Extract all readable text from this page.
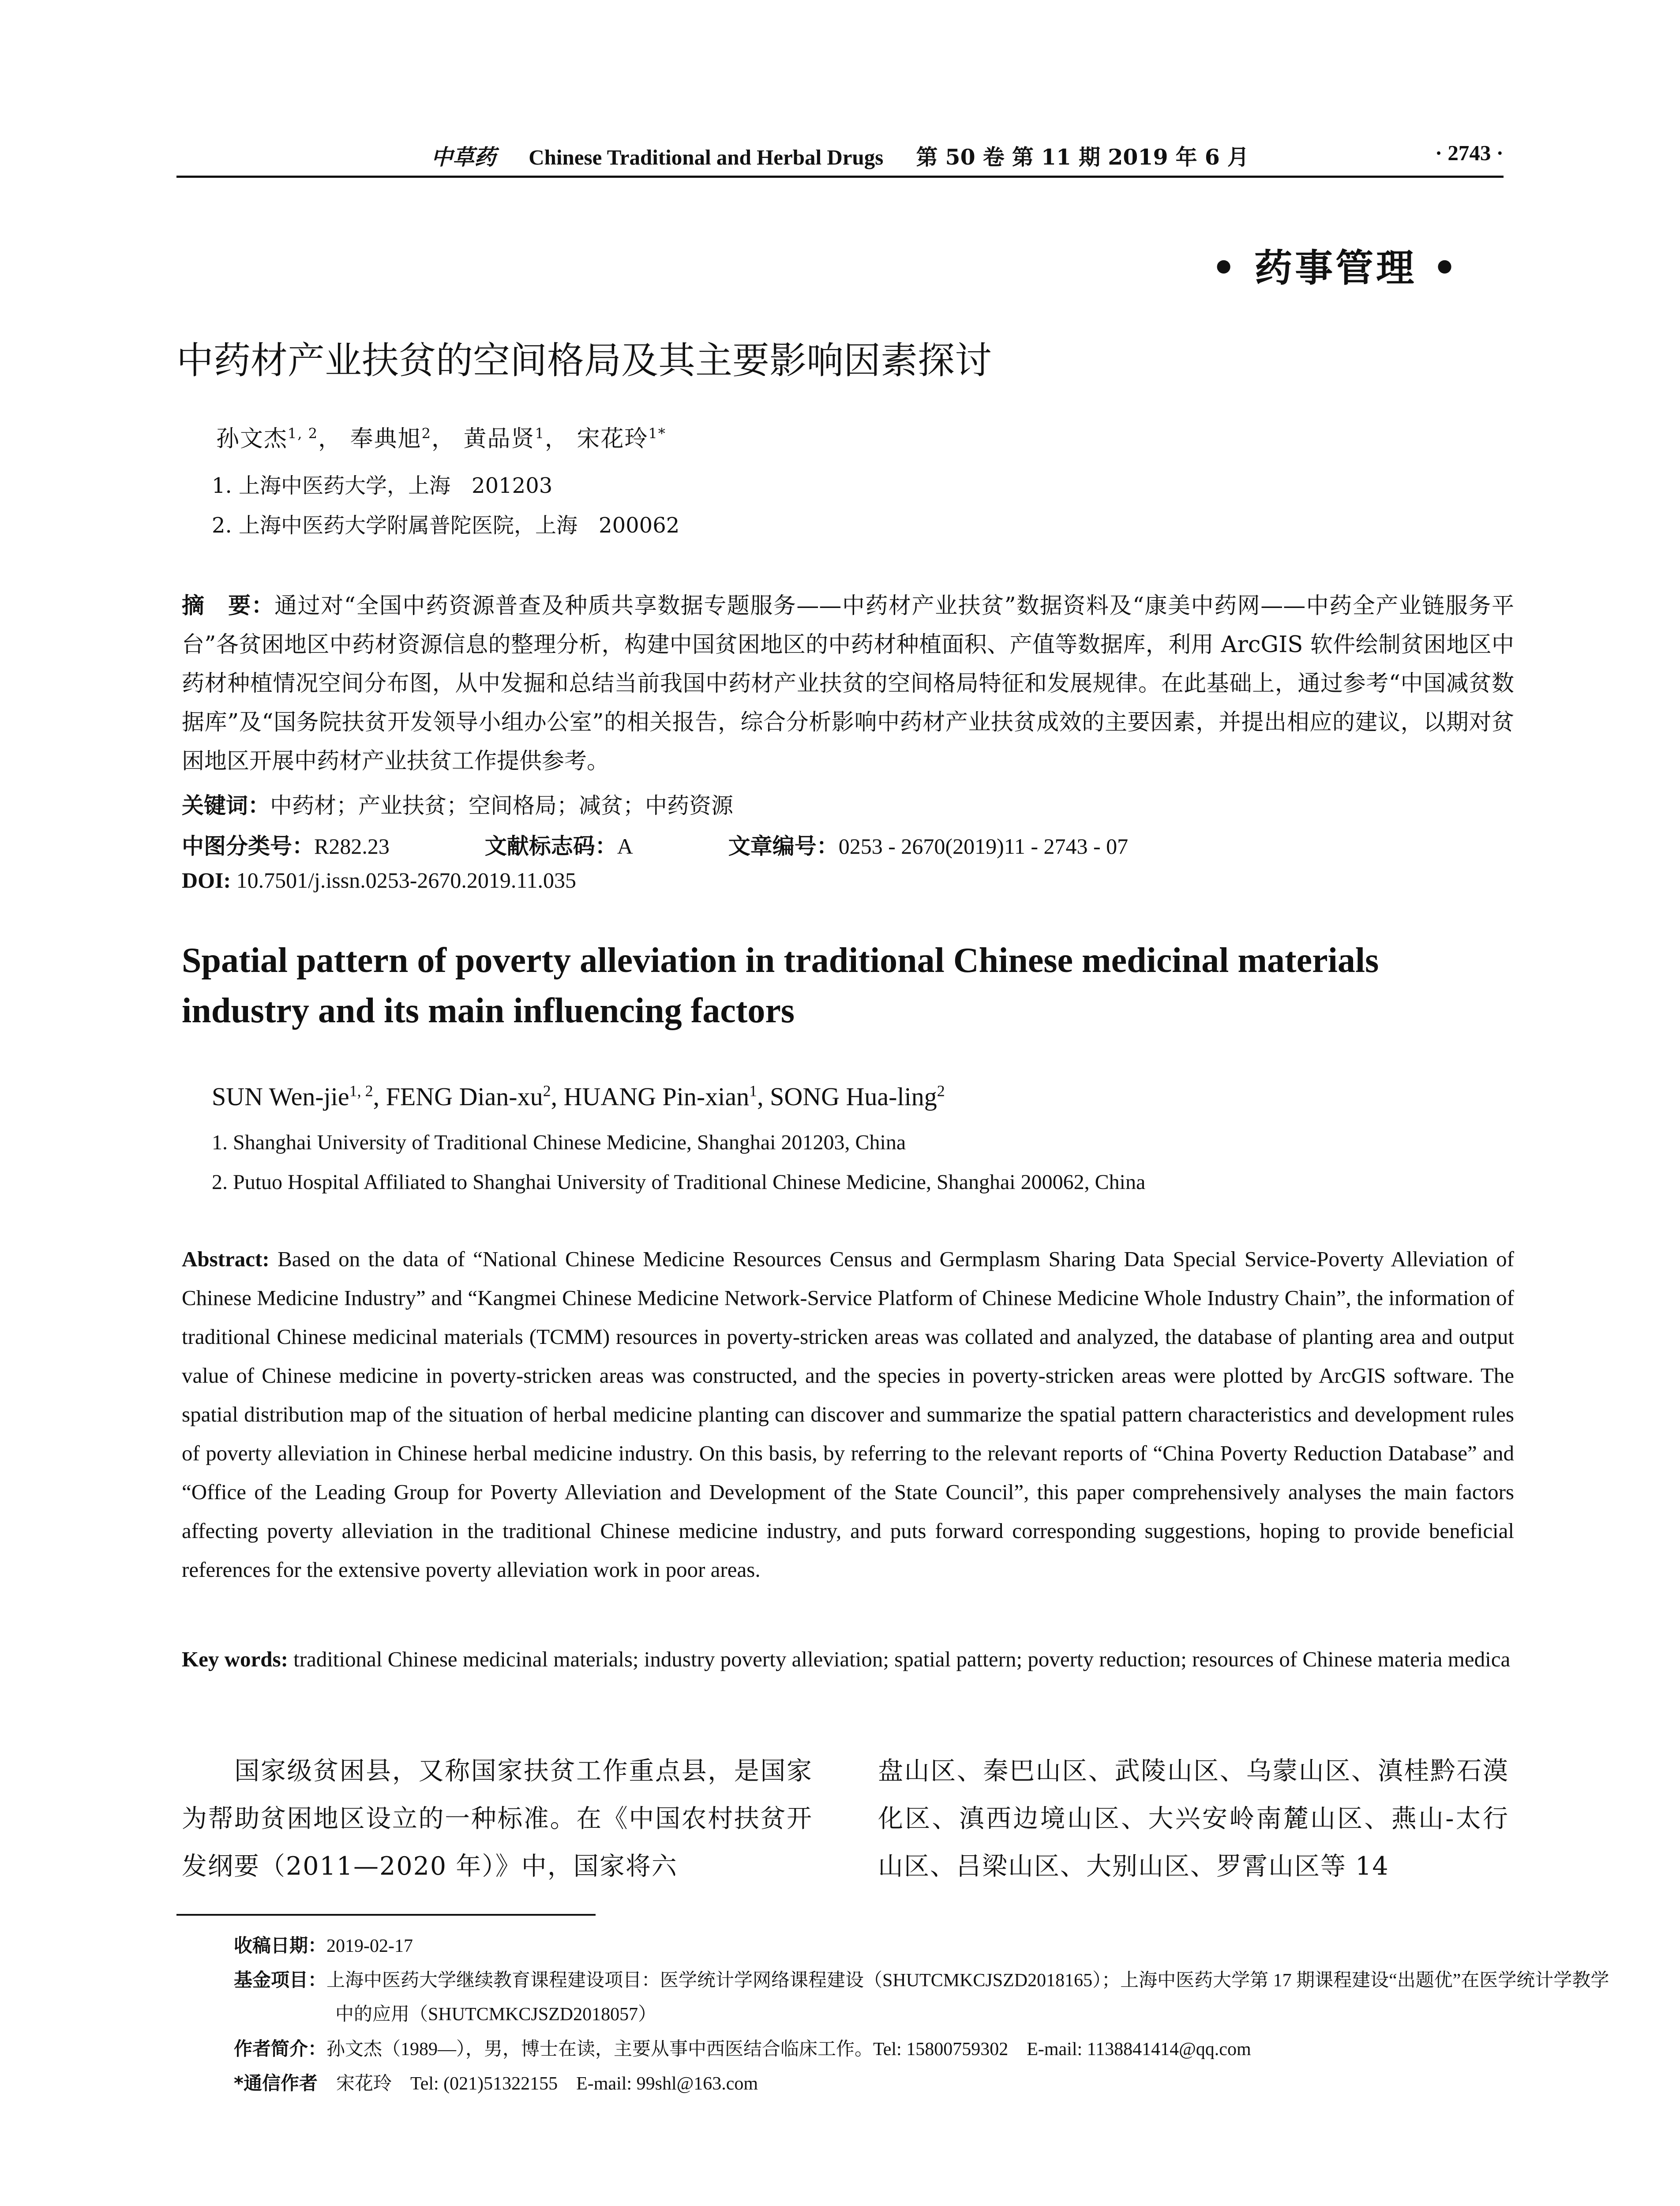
中草药 Chinese Traditional and Herbal Drugs 第 50 卷 第 11 期 2019 年 6 月	· 2743 ·
• 药事管理 •
中药材产业扶贫的空间格局及其主要影响因素探讨
孙文杰$^{1, 2}$， 奉典旭$^2$， 黄品贤$^1$， 宋花玲$^{1*}$
1. 上海中医药大学，上海　201203
2. 上海中医药大学附属普陀医院，上海　200062
摘　要：通过对“全国中药资源普查及种质共享数据专题服务——中药材产业扶贫”数据资料及“康美中药网——中药全产业链服务平台”各贫困地区中药材资源信息的整理分析，构建中国贫困地区的中药材种植面积、产值等数据库，利用 ArcGIS 软件绘制贫困地区中药材种植情况空间分布图，从中发掘和总结当前我国中药材产业扶贫的空间格局特征和发展规律。在此基础上，通过参考“中国减贫数据库”及“国务院扶贫开发领导小组办公室”的相关报告，综合分析影响中药材产业扶贫成效的主要因素，并提出相应的建议，以期对贫困地区开展中药材产业扶贫工作提供参考。
关键词：中药材；产业扶贫；空间格局；减贫；中药资源
中图分类号：R282.23	文献标志码：A	文章编号：0253 - 2670(2019)11 - 2743 - 07
DOI: 10.7501/j.issn.0253-2670.2019.11.035
Spatial pattern of poverty alleviation in traditional Chinese medicinal materials industry and its main influencing factors
SUN Wen-jie$^{1, 2}$, FENG Dian-$xu^2$, HUANG Pin-xian$^1$, SONG Hua-ling$^2$
1. Shanghai University of Traditional Chinese Medicine, Shanghai 201203, China
2. Putuo Hospital Affiliated to Shanghai University of Traditional Chinese Medicine, Shanghai 200062, China
Abstract: Based on the data of “National Chinese Medicine Resources Census and Germplasm Sharing Data Special Service-Poverty Alleviation of Chinese Medicine Industry” and “Kangmei Chinese Medicine Network-Service Platform of Chinese Medicine Whole Industry Chain”, the information of traditional Chinese medicinal materials (TCMM) resources in poverty-stricken areas was collated and analyzed, the database of planting area and output value of Chinese medicine in poverty-stricken areas was constructed, and the species in poverty-stricken areas were plotted by ArcGIS software. The spatial distribution map of the situation of herbal medicine planting can discover and summarize the spatial pattern characteristics and development rules of poverty alleviation in Chinese herbal medicine industry. On this basis, by referring to the relevant reports of “China Poverty Reduction Database” and “Office of the Leading Group for Poverty Alleviation and Development of the State Council”, this paper comprehensively analyses the main factors affecting poverty alleviation in the traditional Chinese medicine industry, and puts forward corresponding suggestions, hoping to provide beneficial references for the extensive poverty alleviation work in poor areas.
Key words: traditional Chinese medicinal materials; industry poverty alleviation; spatial pattern; poverty reduction; resources of Chinese materia medica
　　国家级贫困县，又称国家扶贫工作重点县，是国家为帮助贫困地区设立的一种标准。在《中国农村扶贫开发纲要（2011—2020 年）》中，国家将六
盘山区、秦巴山区、武陵山区、乌蒙山区、滇桂黔石漠化区、滇西边境山区、大兴安岭南麓山区、燕山-太行山区、吕梁山区、大别山区、罗霄山区等 14
收稿日期：2019-02-17
基金项目：上海中医药大学继续教育课程建设项目：医学统计学网络课程建设（SHUTCMKCJSZD2018165）；上海中医药大学第 17 期课程建设“出题优”在医学统计学教学中的应用（SHUTCMKCJSZD2018057）
作者简介：孙文杰（1989—），男，博士在读，主要从事中西医结合临床工作。Tel: 15800759302　E-mail: 1138841414@qq.com
*通信作者　宋花玲　Tel: (021)51322155　E-mail: 99shl@163.com
